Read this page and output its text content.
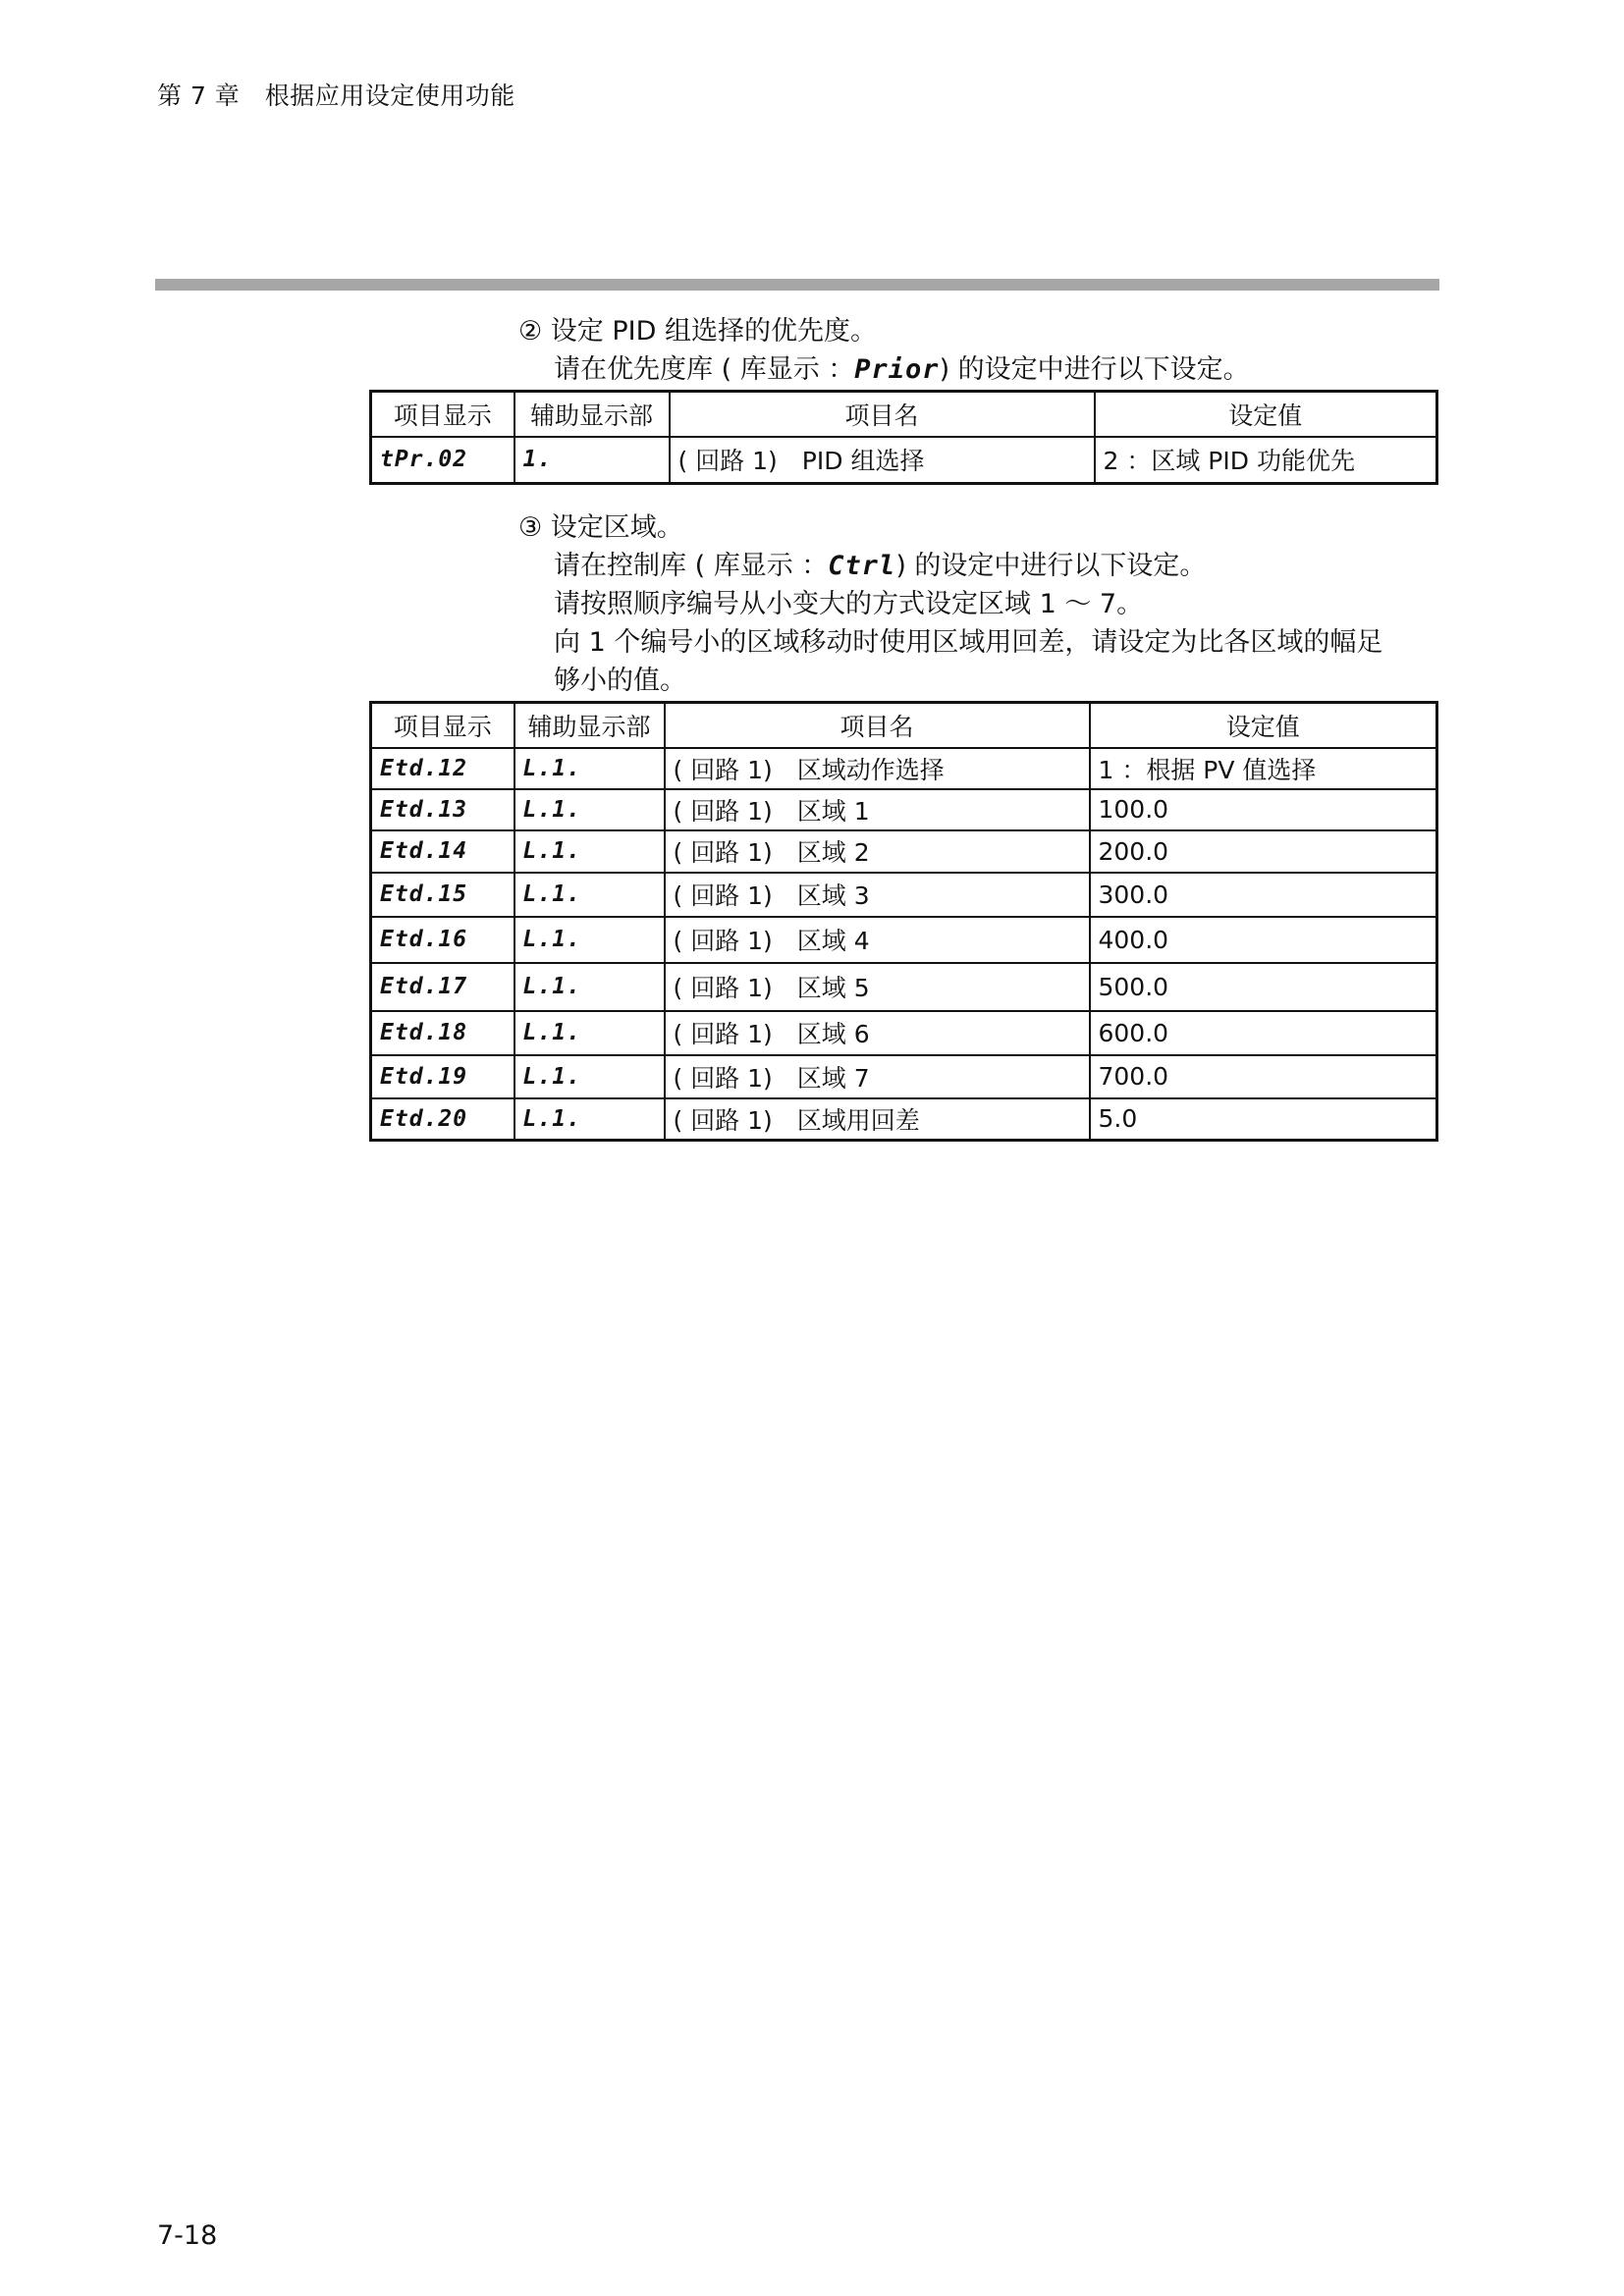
第 7 章　根据应用设定使用功能

② 设定 PID 组选择的优先度。

请在优先度库 ( 库显示 ：Prior) 的设定中进行以下设定。

项目显示	辅助显示部	项目名	设定值
tPr.02	1.	( 回路 1)　PID 组选择	2 ：区域 PID 功能优先

③ 设定区域。

请在控制库 ( 库显示 ：Ctrl) 的设定中进行以下设定。

请按照顺序编号从小变大的方式设定区域 1 ～ 7。

向 1 个编号小的区域移动时使用区域用回差，请设定为比各区域的幅足

够小的值。

项目显示	辅助显示部	项目名	设定值
Etd.12	L.1.	( 回路 1)　区域动作选择	1 ：根据 PV 值选择
Etd.13	L.1.	( 回路 1)　区域 1	100.0
Etd.14	L.1.	( 回路 1)　区域 2	200.0
Etd.15	L.1.	( 回路 1)　区域 3	300.0
Etd.16	L.1.	( 回路 1)　区域 4	400.0
Etd.17	L.1.	( 回路 1)　区域 5	500.0
Etd.18	L.1.	( 回路 1)　区域 6	600.0
Etd.19	L.1.	( 回路 1)　区域 7	700.0
Etd.20	L.1.	( 回路 1)　区域用回差	5.0
7-18
